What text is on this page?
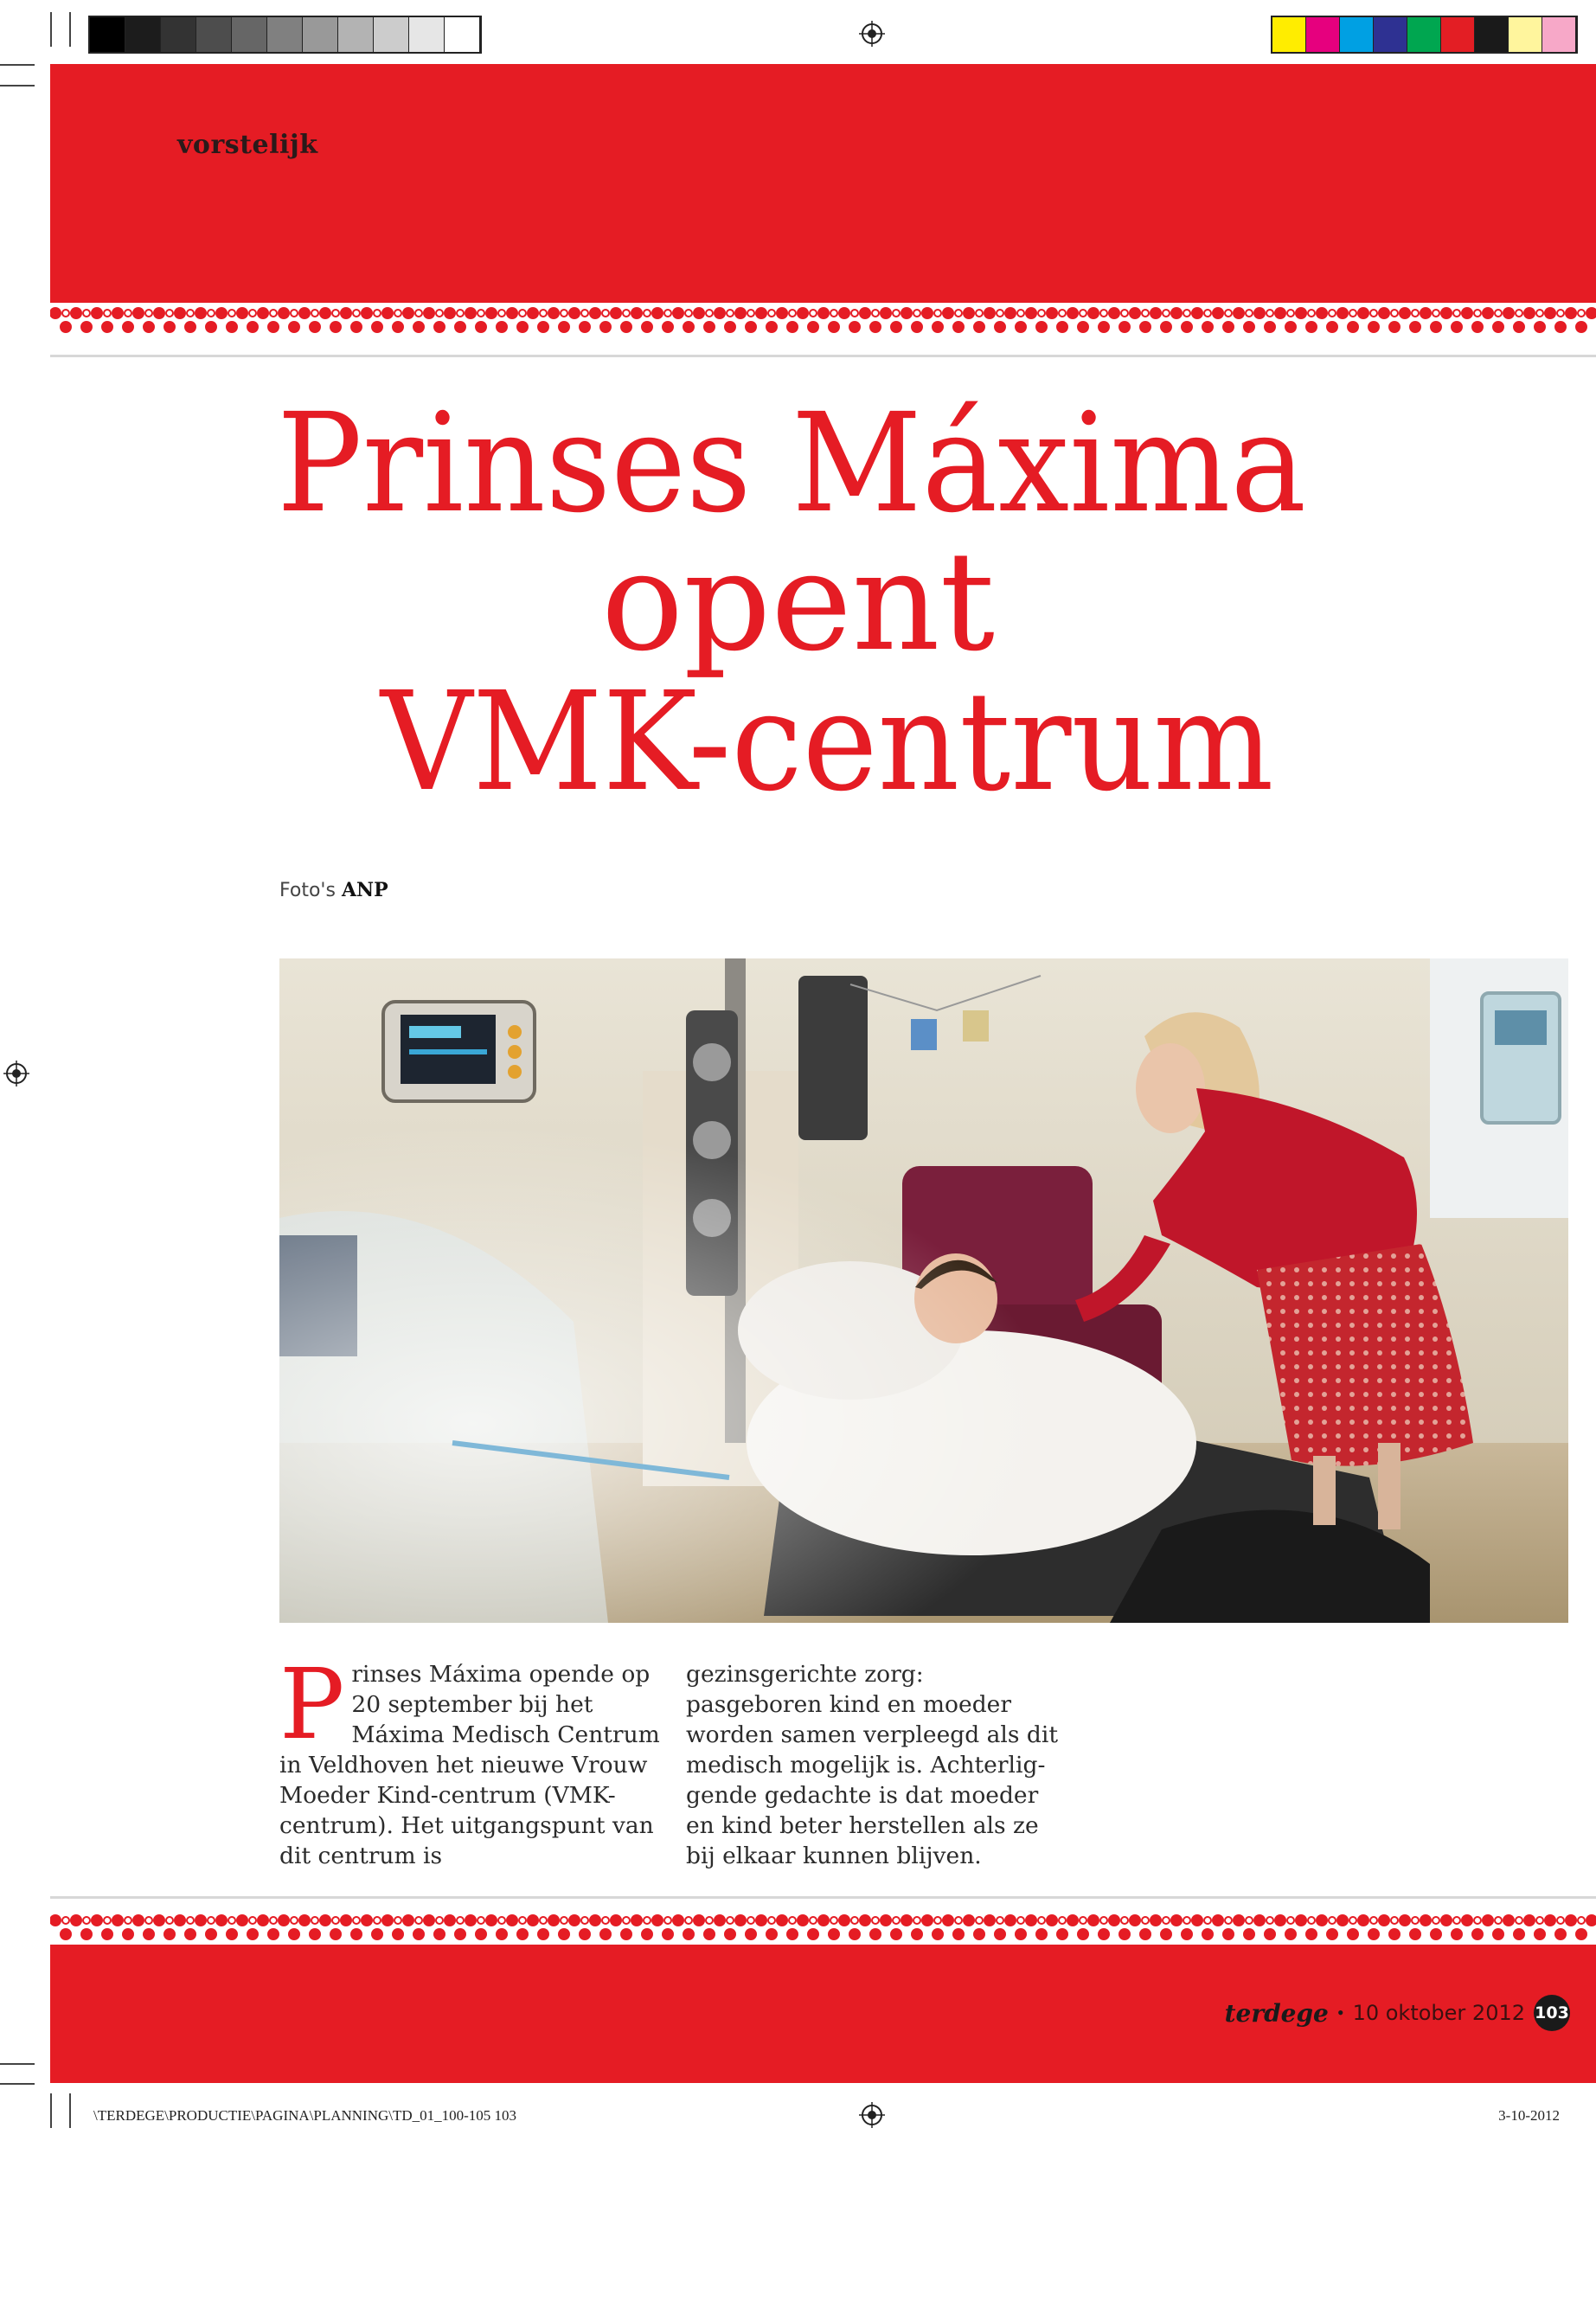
vorstelijk
Prinses Máxima
opent
VMK-centrum
Foto's ANP
Prinses Máxima opende op 20 september bij het Máxima Medisch Centrum in Veldhoven het nieuwe Vrouw Moeder Kind-centrum (VMK-centrum). Het uitgangspunt van dit centrum is
gezinsgerichte zorg: pasgeboren kind en moeder worden samen verpleegd als dit medisch mogelijk is. Achterliggende gedachte is dat moeder en kind beter herstellen als ze bij elkaar kunnen blijven.
terdege • 10 oktober 2012 103
\TERDEGE\PRODUCTIE\PAGINA\PLANNING\TD_01_100-105 103	3-10-2012
